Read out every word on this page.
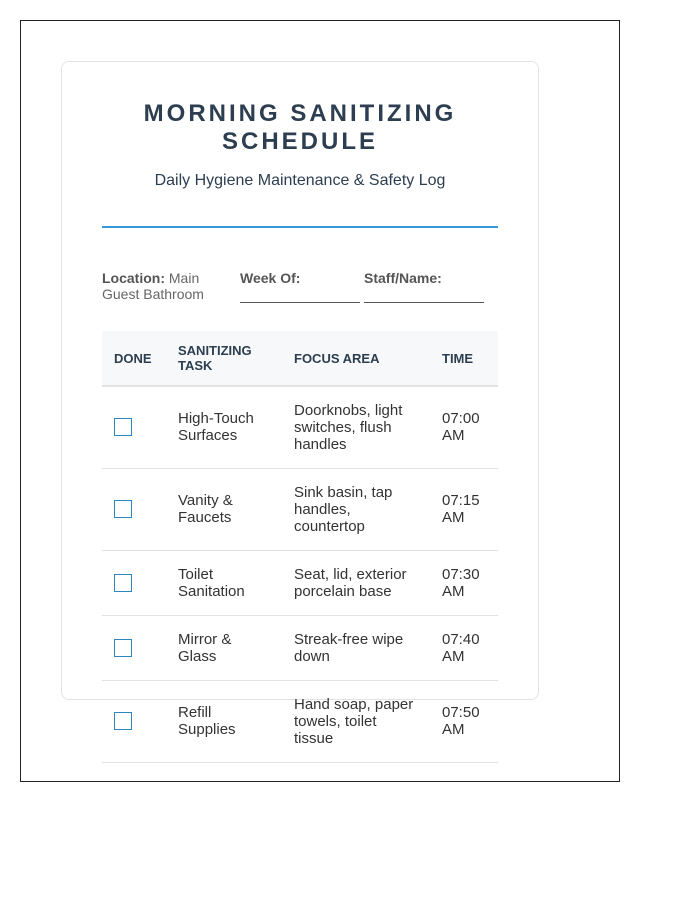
MORNING SANITIZING SCHEDULE
Daily Hygiene Maintenance & Safety Log
Location: Main Guest Bathroom
Week Of:	Staff/Name:
DONE	SANITIZING TASK	FOCUS AREA	TIME

	High-Touch Surfaces	Doorknobs, light switches, flush handles	07:00 AM

	Vanity & Faucets	Sink basin, tap handles, countertop	07:15 AM

	Toilet Sanitation	Seat, lid, exterior porcelain base	07:30 AM

	Mirror & Glass	Streak-free wipe down	07:40 AM

	Refill Supplies	Hand soap, paper towels, toilet tissue	07:50 AM
